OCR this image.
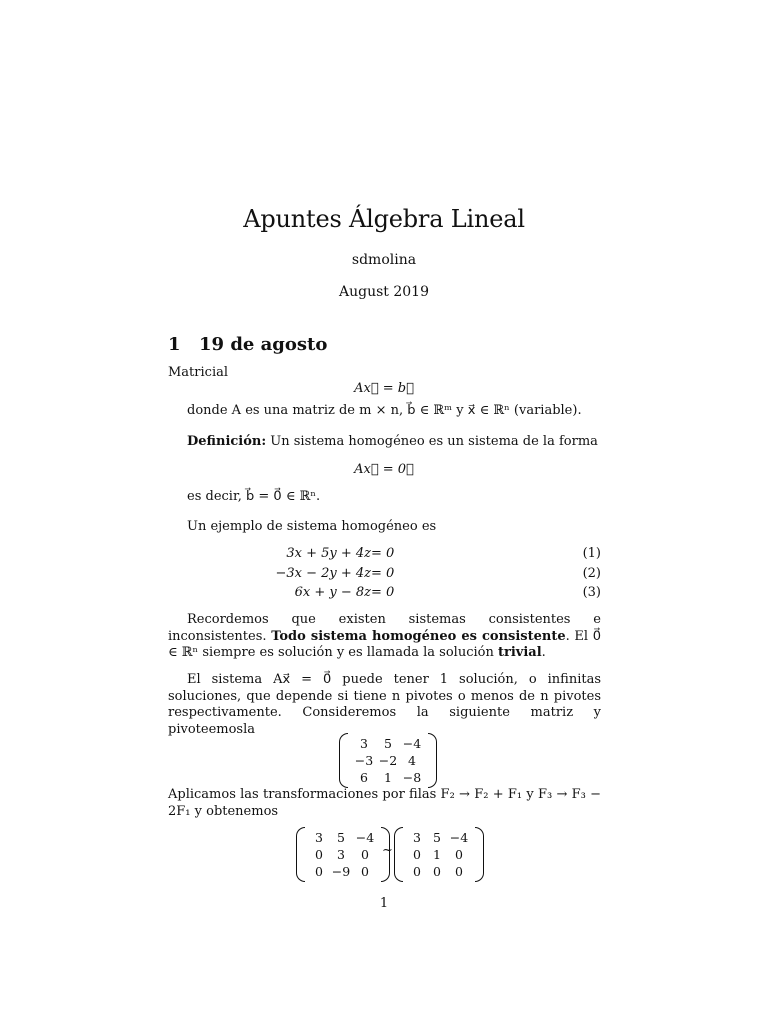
Apuntes Álgebra Lineal
sdmolina
August 2019
1 19 de agosto
Matricial
Ax⃗ = b⃗
donde A es una matriz de m × n, b⃗ ∈ ℝᵐ y x⃗ ∈ ℝⁿ (variable).
Definición: Un sistema homogéneo es un sistema de la forma
Ax⃗ = 0⃗
es decir, b⃗ = 0⃗ ∈ ℝⁿ.
Un ejemplo de sistema homogéneo es
3x + 5y + 4z = 0	(1)
−3x − 2y + 4z = 0	(2)
6x + y − 8z = 0	(3)
Recordemos que existen sistemas consistentes e inconsistentes. Todo sistema homogéneo es consistente. El 0⃗ ∈ ℝⁿ siempre es solución y es llamada la solución trivial.
El sistema Ax⃗ = 0⃗ puede tener 1 solución, o infinitas soluciones, que depende si tiene n pivotes o menos de n pivotes respectivamente. Consideremos la siguiente matriz y pivoteemosla
3	5 −4
−3 −2 4
6	1 −8
Aplicamos las transformaciones por filas F₂ → F₂ + F₁ y F₃ → F₃ − 2F₁ y obtenemos
3	5 −4
0	3	0
0 −9 0
~
3 5 −4
0 1	0
0 0	0
1
